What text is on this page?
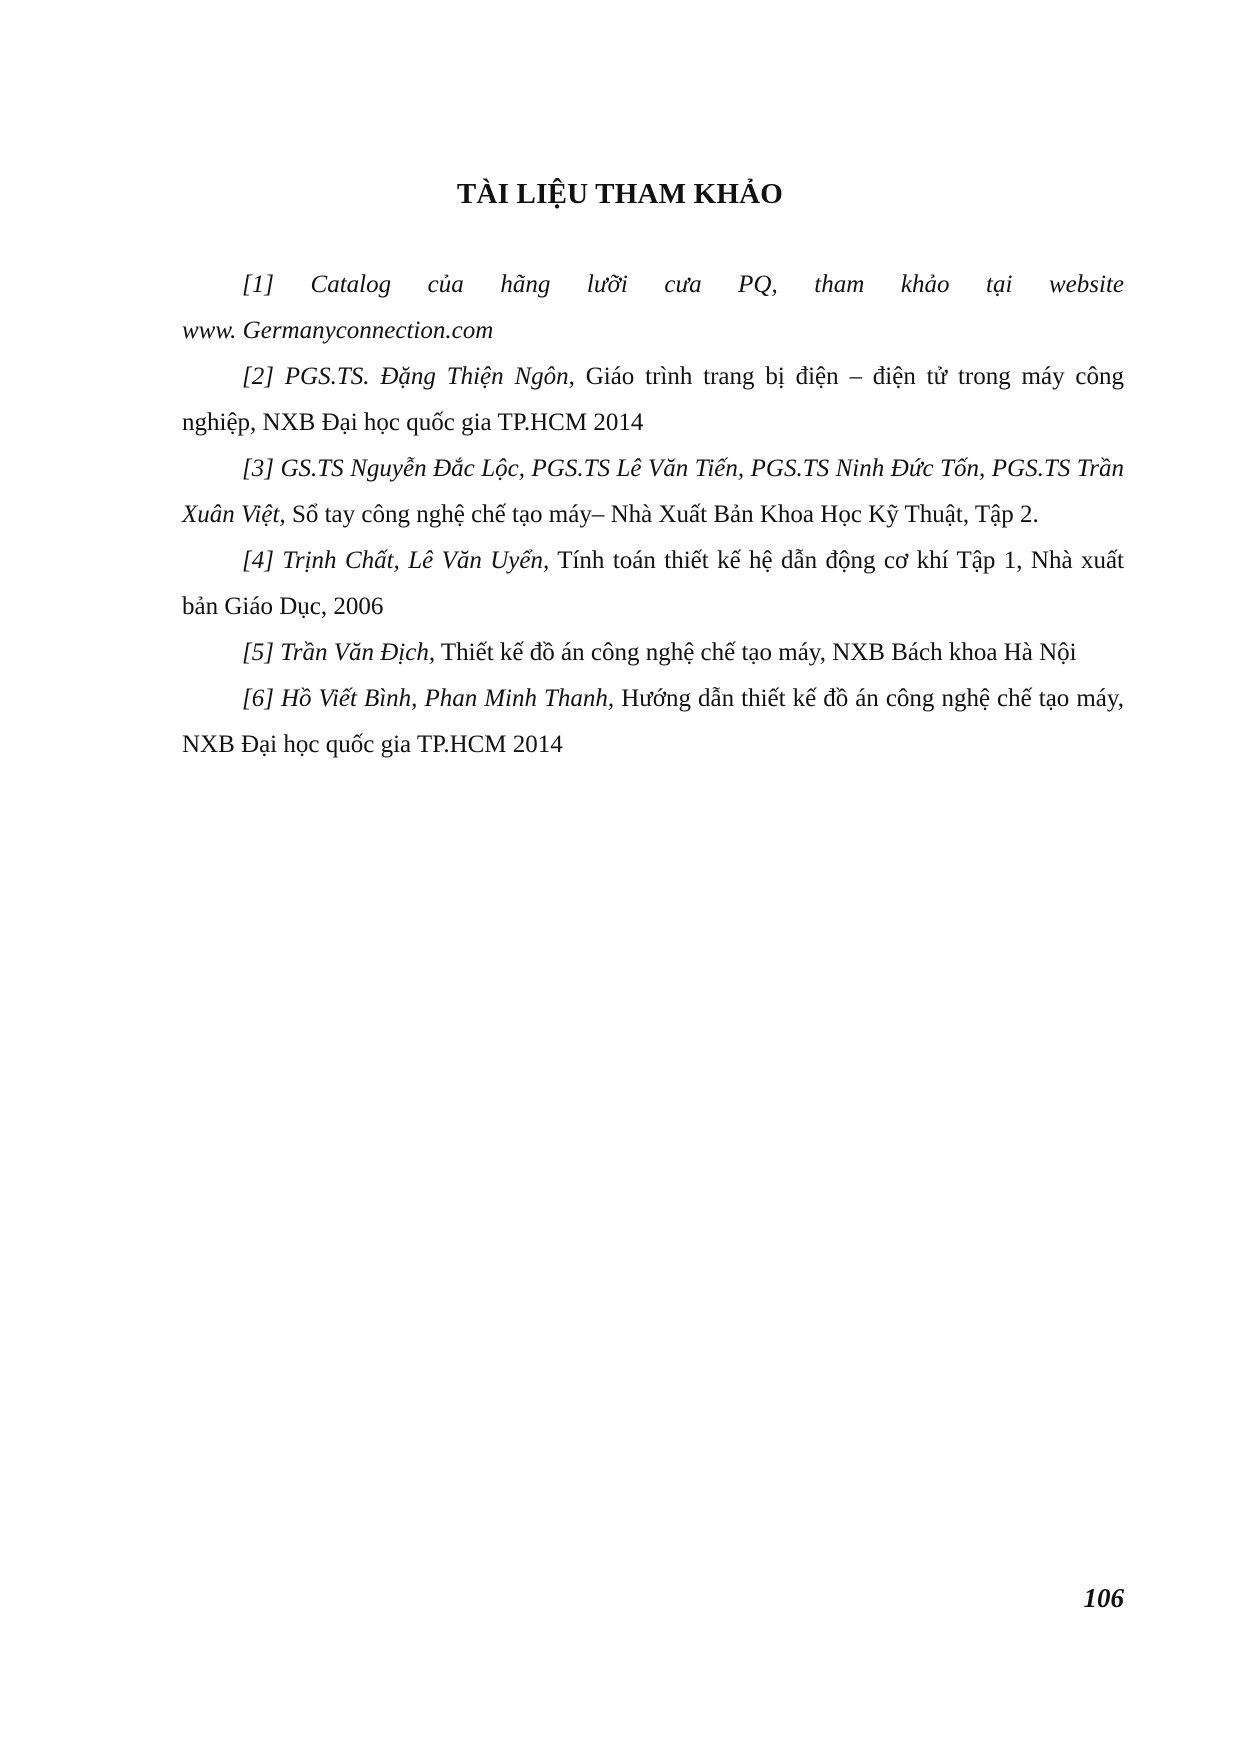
TÀI LIỆU THAM KHẢO

[1] Catalog của hãng lưỡi cưa PQ, tham khảo tại website
www. Germanyconnection.com

[2] PGS.TS. Đặng Thiện Ngôn, Giáo trình trang bị điện – điện tử trong máy công nghiệp, NXB Đại học quốc gia TP.HCM 2014

[3] GS.TS Nguyễn Đắc Lộc, PGS.TS Lê Văn Tiến, PGS.TS Ninh Đức Tốn, PGS.TS Trần Xuân Việt, Sổ tay công nghệ chế tạo máy– Nhà Xuất Bản Khoa Học Kỹ Thuật, Tập 2.

[4] Trịnh Chất, Lê Văn Uyển, Tính toán thiết kế hệ dẫn động cơ khí Tập 1, Nhà xuất bản Giáo Dục, 2006

[5] Trần Văn Địch, Thiết kế đồ án công nghệ chế tạo máy, NXB Bách khoa Hà Nội

[6] Hồ Viết Bình, Phan Minh Thanh, Hướng dẫn thiết kế đồ án công nghệ chế tạo máy, NXB Đại học quốc gia TP.HCM 2014

106
